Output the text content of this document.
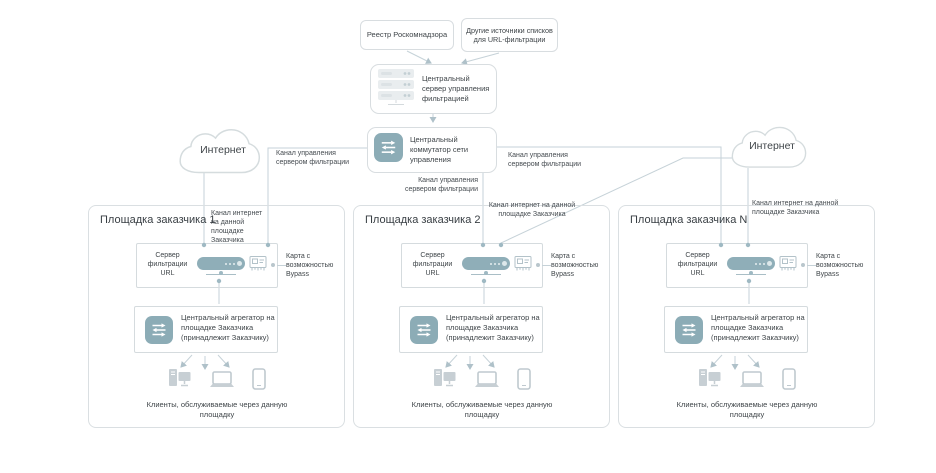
Реестр Роскомнадзора	Другие источники списков для URL-фильтрации
Центральный сервер управления фильтрацией
Центральный коммутатор сети управления
Интернет	Интернет
Канал управления сервером фильтрации
Канал управления сервером фильтрации
Канал управления сервером фильтрации
Площадка заказчика 1
Канал интернет на данной площадке Заказчика
Сервер фильтрации URL
Карта с возможностью Bypass
Центральный агрегатор на площадке Заказчика (принадлежит Заказчику)
Клиенты, обслуживаемые через данную площадку
Площадка заказчика 2
Канал интернет на данной площадке Заказчика
Сервер фильтрации URL
Карта с возможностью Bypass
Центральный агрегатор на площадке Заказчика (принадлежит Заказчику)
Клиенты, обслуживаемые через данную площадку
Площадка заказчика N
Канал интернет на данной площадке Заказчика
Сервер фильтрации URL
Карта с возможностью Bypass
Центральный агрегатор на площадке Заказчика (принадлежит Заказчику)
Клиенты, обслуживаемые через данную площадку
